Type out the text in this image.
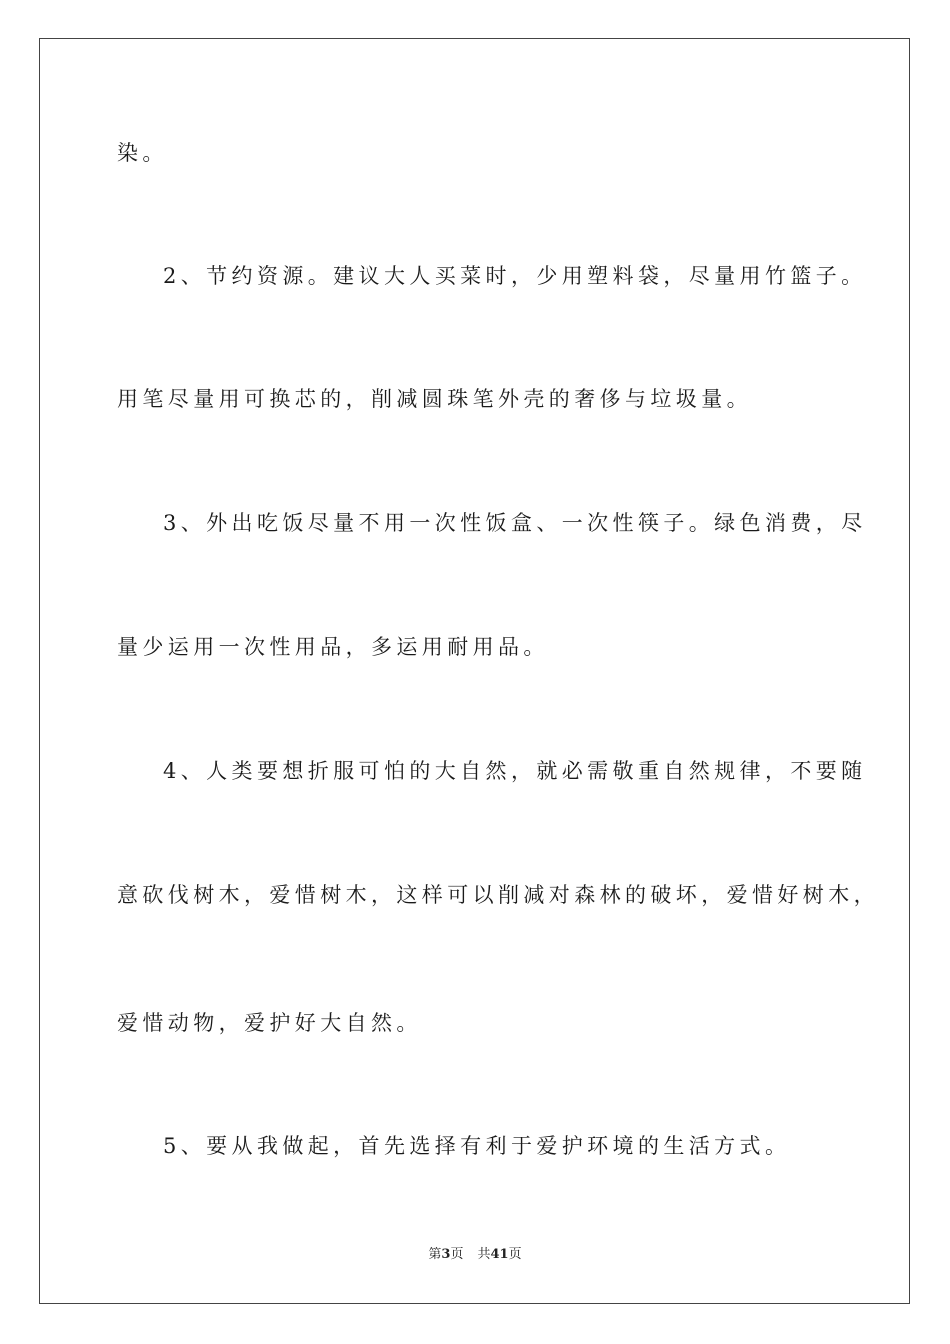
染。
2、节约资源。建议大人买菜时，少用塑料袋，尽量用竹篮子。
用笔尽量用可换芯的，削减圆珠笔外壳的奢侈与垃圾量。
3、外出吃饭尽量不用一次性饭盒、一次性筷子。绿色消费，尽
量少运用一次性用品，多运用耐用品。
4、人类要想折服可怕的大自然，就必需敬重自然规律，不要随
意砍伐树木，爱惜树木，这样可以削减对森林的破坏，爱惜好树木，
爱惜动物，爱护好大自然。
5、要从我做起，首先选择有利于爱护环境的生活方式。
第3页 共41页
